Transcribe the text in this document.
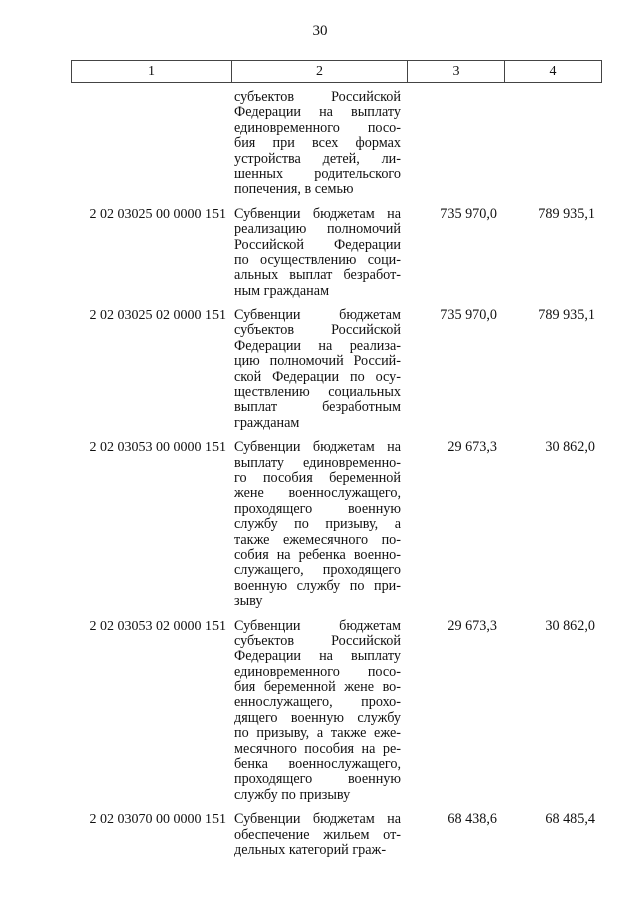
30
1	2	3	4
субъектов Российской
Федерации на выплату
единовременного посо-
бия при всех формах
устройства детей, ли-
шенных родительского
попечения, в семью
2 02 03025 00 0000 151 Субвенции бюджетам на
реализацию полномочий
Российской Федерации
по осуществлению соци-
альных выплат безработ-
ным гражданам
735 970,0	789 935,1
2 02 03025 02 0000 151 Субвенции бюджетам
субъектов Российской
Федерации на реализа-
цию полномочий Россий-
ской Федерации по осу-
ществлению социальных
выплат безработным
гражданам
735 970,0	789 935,1
2 02 03053 00 0000 151 Субвенции бюджетам на
выплату единовременно-
го пособия беременной
жене военнослужащего,
проходящего военную
службу по призыву, а
также ежемесячного по-
собия на ребенка военно-
служащего, проходящего
военную службу по при-
зыву
29 673,3	30 862,0
2 02 03053 02 0000 151 Субвенции бюджетам
субъектов Российской
Федерации на выплату
единовременного посо-
бия беременной жене во-
еннослужащего, прохо-
дящего военную службу
по призыву, а также еже-
месячного пособия на ре-
бенка военнослужащего,
проходящего военную
службу по призыву
29 673,3	30 862,0
2 02 03070 00 0000 151 Субвенции бюджетам на
обеспечение жильем от-
дельных категорий граж-
68 438,6	68 485,4
